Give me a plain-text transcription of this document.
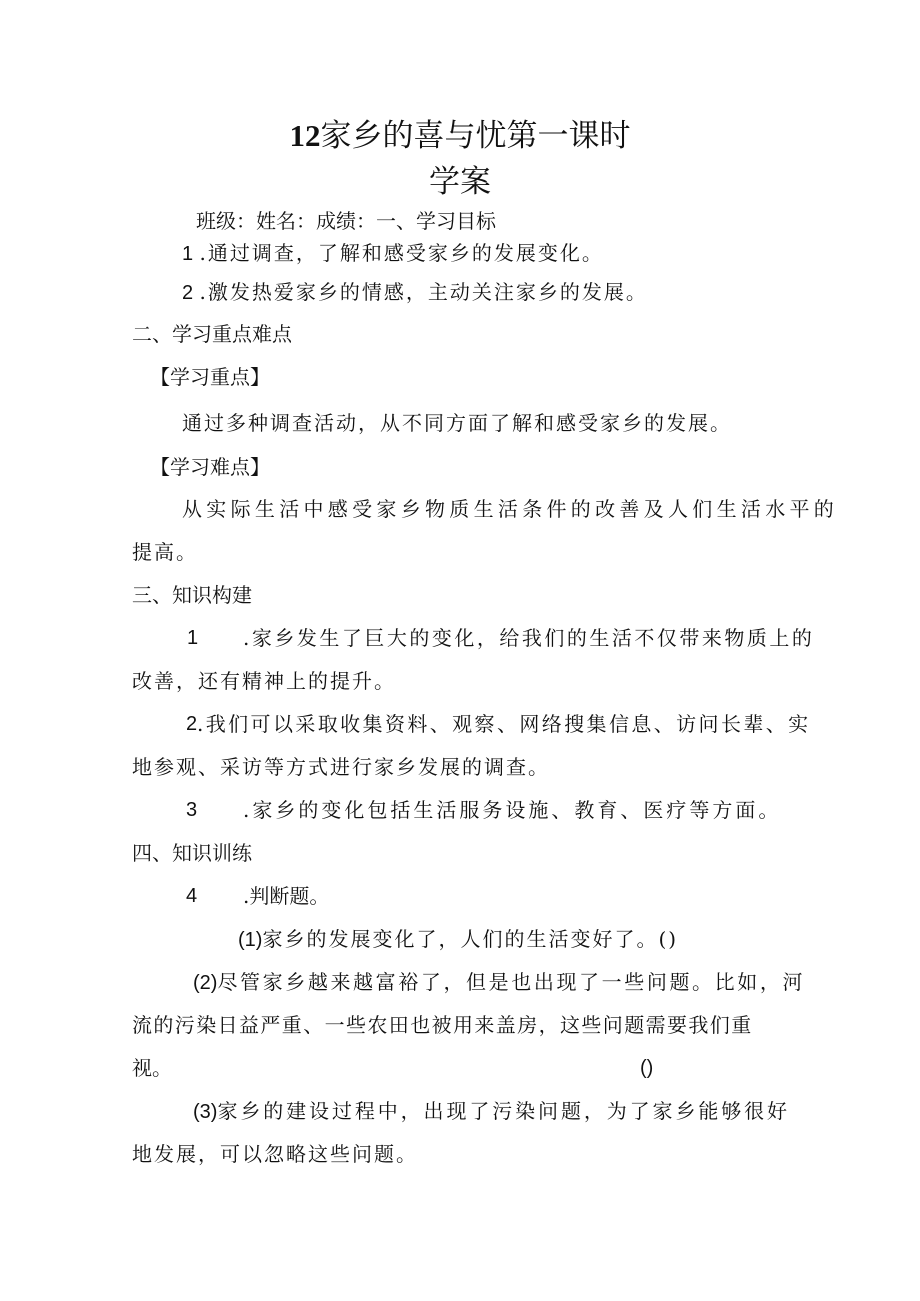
12家乡的喜与忧第一课时
学案
班级：姓名：成绩：一、学习目标
1 .通过调查，了解和感受家乡的发展变化。
2 .激发热爱家乡的情感，主动关注家乡的发展。
二、学习重点难点
【学习重点】
通过多种调查活动，从不同方面了解和感受家乡的发展。
【学习难点】
从实际生活中感受家乡物质生活条件的改善及人们生活水平的
提高。
三、知识构建
1 .家乡发生了巨大的变化，给我们的生活不仅带来物质上的
改善，还有精神上的提升。
2 .我们可以采取收集资料、观察、网络搜集信息、访问长辈、实
地参观、采访等方式进行家乡发展的调查。
3 .家乡的变化包括生活服务设施、教育、医疗等方面。
四、知识训练
4 .判断题。
(1)家乡的发展变化了，人们的生活变好了。()
(2)尽管家乡越来越富裕了，但是也出现了一些问题。比如，河
流的污染日益严重、一些农田也被用来盖房，这些问题需要我们重
视。	()
(3)家乡的建设过程中，出现了污染问题，为了家乡能够很好
地发展，可以忽略这些问题。
